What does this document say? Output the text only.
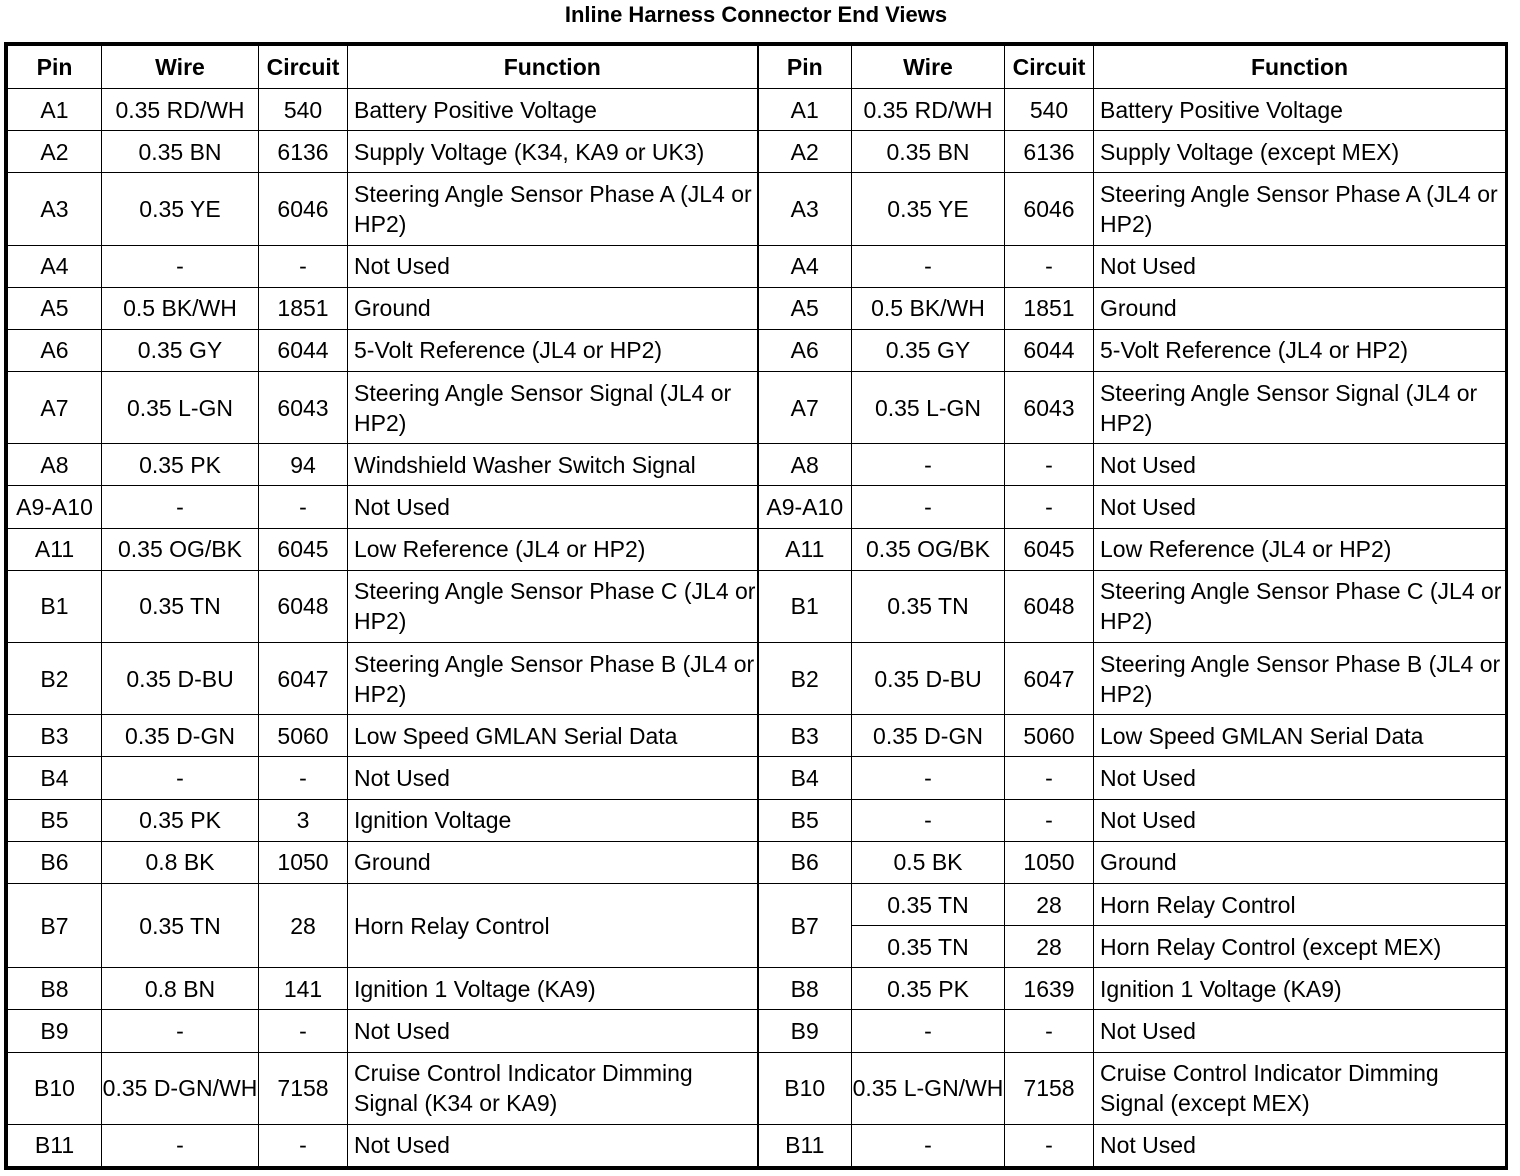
Inline Harness Connector End Views
Pin	Wire	Circuit	Function	Pin	Wire	Circuit	Function
A1	0.35 RD/WH	540	Battery Positive Voltage	A1	0.35 RD/WH	540	Battery Positive Voltage
A2	0.35 BN	6136	Supply Voltage (K34, KA9 or UK3)	A2	0.35 BN	6136	Supply Voltage (except MEX)
A3	0.35 YE	6046	Steering Angle Sensor Phase A (JL4 or HP2)	A3	0.35 YE	6046	Steering Angle Sensor Phase A (JL4 or HP2)
A4	-	-	Not Used	A4	-	-	Not Used
A5	0.5 BK/WH	1851	Ground	A5	0.5 BK/WH	1851	Ground
A6	0.35 GY	6044	5-Volt Reference (JL4 or HP2)	A6	0.35 GY	6044	5-Volt Reference (JL4 or HP2)
A7	0.35 L-GN	6043	Steering Angle Sensor Signal (JL4 or HP2)	A7	0.35 L-GN	6043	Steering Angle Sensor Signal (JL4 or HP2)
A8	0.35 PK	94	Windshield Washer Switch Signal	A8	-	-	Not Used
A9-A10	-	-	Not Used	A9-A10	-	-	Not Used
A11	0.35 OG/BK	6045	Low Reference (JL4 or HP2)	A11	0.35 OG/BK	6045	Low Reference (JL4 or HP2)
B1	0.35 TN	6048	Steering Angle Sensor Phase C (JL4 or HP2)	B1	0.35 TN	6048	Steering Angle Sensor Phase C (JL4 or HP2)
B2	0.35 D-BU	6047	Steering Angle Sensor Phase B (JL4 or HP2)	B2	0.35 D-BU	6047	Steering Angle Sensor Phase B (JL4 or HP2)
B3	0.35 D-GN	5060	Low Speed GMLAN Serial Data	B3	0.35 D-GN	5060	Low Speed GMLAN Serial Data
B4	-	-	Not Used	B4	-	-	Not Used
B5	0.35 PK	3	Ignition Voltage	B5	-	-	Not Used
B6	0.8 BK	1050	Ground	B6	0.5 BK	1050	Ground
B7	0.35 TN	28	Horn Relay Control	B7	0.35 TN	28	Horn Relay Control
					0.35 TN	28	Horn Relay Control (except MEX)
B8	0.8 BN	141	Ignition 1 Voltage (KA9)	B8	0.35 PK	1639	Ignition 1 Voltage (KA9)
B9	-	-	Not Used	B9	-	-	Not Used
B10	0.35 D-GN/WH	7158	Cruise Control Indicator Dimming Signal (K34 or KA9)	B10	0.35 L-GN/WH	7158	Cruise Control Indicator Dimming Signal (except MEX)
B11	-	-	Not Used	B11	-	-	Not Used
